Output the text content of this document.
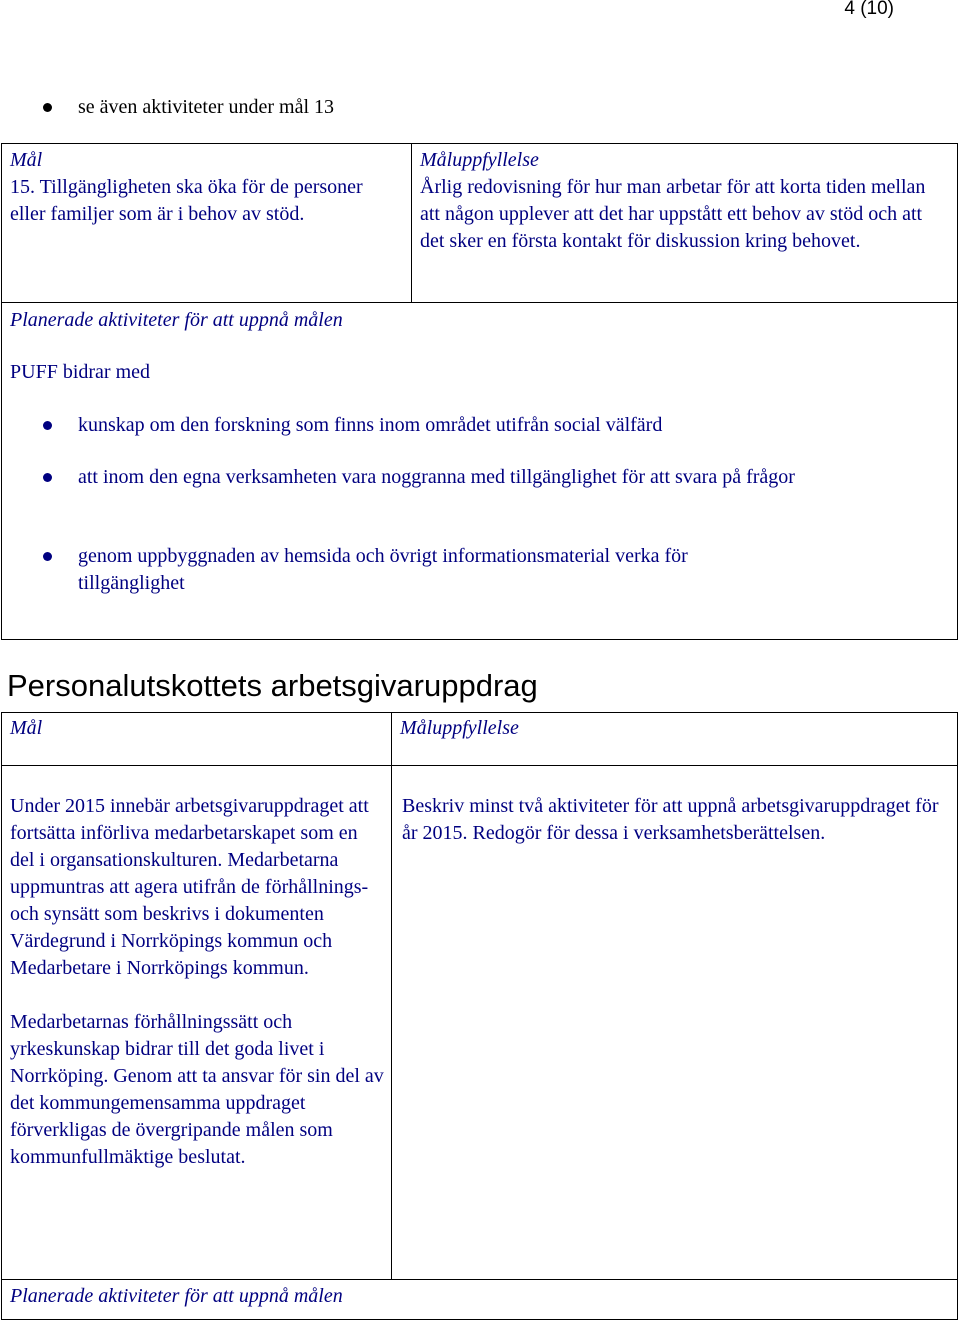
4 (10)
se även aktiviteter under mål 13
Mål
15. Tillgängligheten ska öka för de personer eller familjer som är i behov av stöd.

Måluppfyllelse
Årlig redovisning för hur man arbetar för att korta tiden mellan att någon upplever att det har uppstått ett behov av stöd och att det sker en första kontakt för diskussion kring behovet.

Planerade aktiviteter för att uppnå målen
PUFF bidrar med
kunskap om den forskning som finns inom området utifrån social välfärd
att inom den egna verksamheten vara noggranna med tillgänglighet för att svara på frågor
genom uppbyggnaden av hemsida och övrigt informationsmaterial verka för tillgänglighet
Personalutskottets arbetsgivaruppdrag
Mål	Måluppfyllelse

Under 2015 innebär arbetsgivaruppdraget att fortsätta införliva medarbetarskapet som en del i organsationskulturen. Medarbetarna uppmuntras att agera utifrån de förhållnings- och synsätt som beskrivs i dokumenten Värdegrund i Norrköpings kommun och Medarbetare i Norrköpings kommun.
Medarbetarnas förhållningssätt och yrkeskunskap bidrar till det goda livet i Norrköping. Genom att ta ansvar för sin del av det kommungemensamma uppdraget förverkligas de övergripande målen som kommunfullmäktige beslutat.	Beskriv minst två aktiviteter för att uppnå arbetsgivaruppdraget för år 2015. Redogör för dessa i verksamhetsberättelsen.

Planerade aktiviteter för att uppnå målen	
